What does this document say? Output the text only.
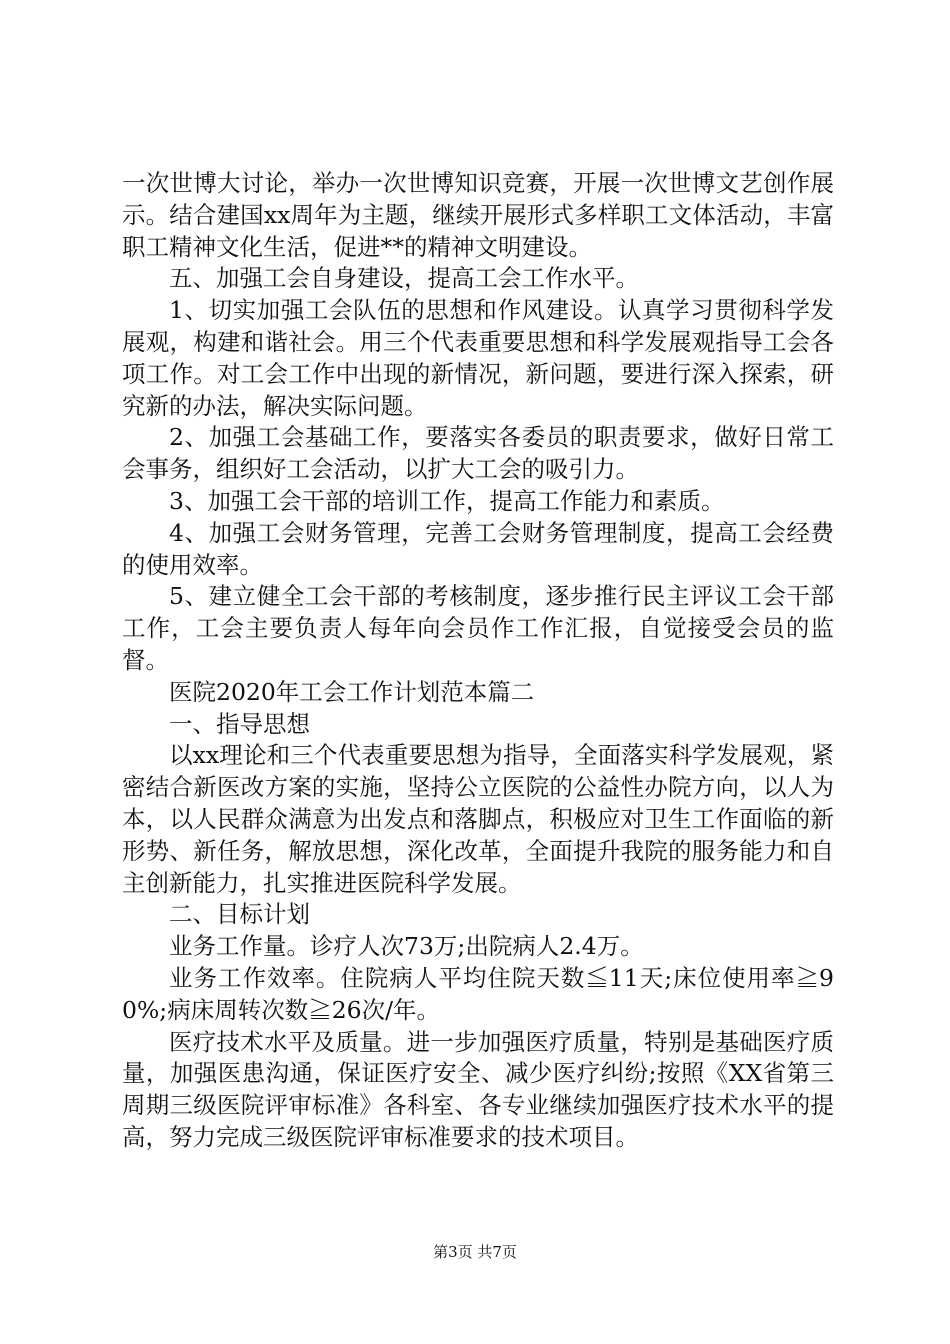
一次世博大讨论，举办一次世博知识竞赛，开展一次世博文艺创作展示。结合建国xx周年为主题，继续开展形式多样职工文体活动，丰富职工精神文化生活，促进**的精神文明建设。

五、加强工会自身建设，提高工会工作水平。

1、切实加强工会队伍的思想和作风建设。认真学习贯彻科学发展观，构建和谐社会。用三个代表重要思想和科学发展观指导工会各项工作。对工会工作中出现的新情况，新问题，要进行深入探索，研究新的办法，解决实际问题。

2、加强工会基础工作，要落实各委员的职责要求，做好日常工会事务，组织好工会活动，以扩大工会的吸引力。

3、加强工会干部的培训工作，提高工作能力和素质。

4、加强工会财务管理，完善工会财务管理制度，提高工会经费的使用效率。

5、建立健全工会干部的考核制度，逐步推行民主评议工会干部工作，工会主要负责人每年向会员作工作汇报，自觉接受会员的监督。

医院2020年工会工作计划范本篇二

一、指导思想

以xx理论和三个代表重要思想为指导，全面落实科学发展观，紧密结合新医改方案的实施，坚持公立医院的公益性办院方向，以人为本，以人民群众满意为出发点和落脚点，积极应对卫生工作面临的新形势、新任务，解放思想，深化改革，全面提升我院的服务能力和自主创新能力，扎实推进医院科学发展。

二、目标计划

业务工作量。诊疗人次73万;出院病人2.4万。

业务工作效率。住院病人平均住院天数≦11天;床位使用率≧90%;病床周转次数≧26次/年。

医疗技术水平及质量。进一步加强医疗质量，特别是基础医疗质量，加强医患沟通，保证医疗安全、减少医疗纠纷;按照《XX省第三周期三级医院评审标准》各科室、各专业继续加强医疗技术水平的提高，努力完成三级医院评审标准要求的技术项目。

第3页 共7页
